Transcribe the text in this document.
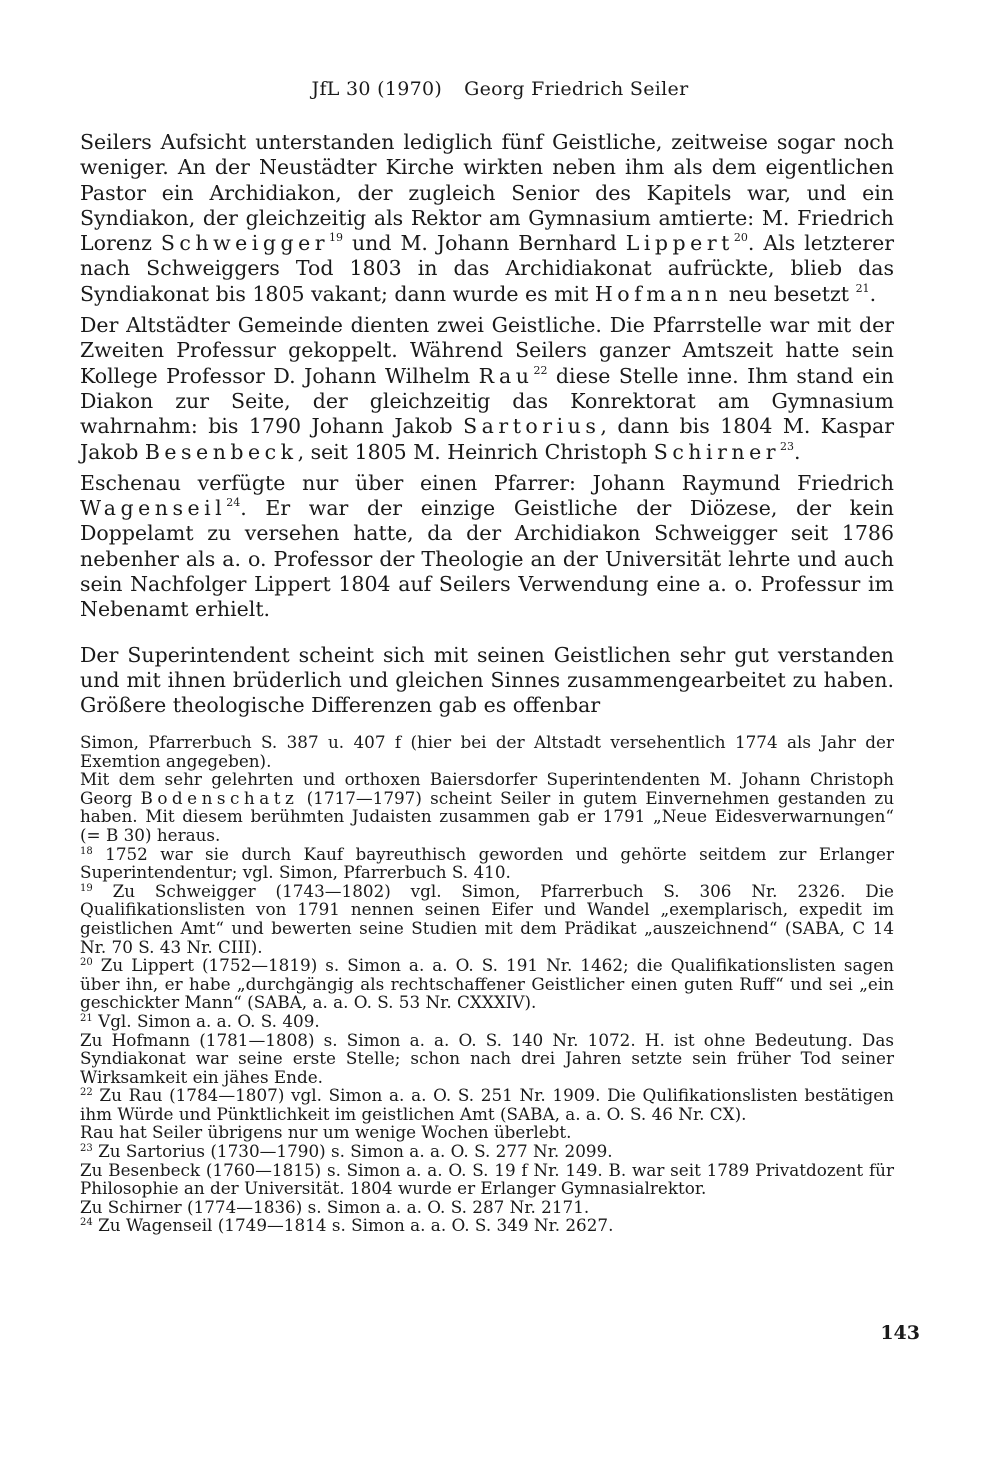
JfL 30 (1970) Georg Friedrich Seiler

Seilers Aufsicht unterstanden lediglich fünf Geistliche, zeitweise sogar noch weniger. An der Neustädter Kirche wirkten neben ihm als dem eigentlichen Pastor ein Archidiakon, der zugleich Senior des Kapitels war, und ein Syndiakon, der gleichzeitig als Rektor am Gymnasium amtierte: M. Friedrich Lorenz Schweigger$^{19}$ und M. Johann Bernhard Lippert$^{20}$. Als letzterer nach Schweiggers Tod 1803 in das Archidiakonat aufrückte, blieb das Syndiakonat bis 1805 vakant; dann wurde es mit Hofmann neu besetzt $^{21}$.

Der Altstädter Gemeinde dienten zwei Geistliche. Die Pfarrstelle war mit der Zweiten Professur gekoppelt. Während Seilers ganzer Amtszeit hatte sein Kollege Professor D. Johann Wilhelm Rau$^{22}$ diese Stelle inne. Ihm stand ein Diakon zur Seite, der gleichzeitig das Konrektorat am Gymnasium wahrnahm: bis 1790 Johann Jakob Sartorius, dann bis 1804 M. Kaspar Jakob Besenbeck, seit 1805 M. Heinrich Christoph Schirner$^{23}$.

Eschenau verfügte nur über einen Pfarrer: Johann Raymund Friedrich Wagenseil$^{24}$. Er war der einzige Geistliche der Diözese, der kein Doppelamt zu versehen hatte, da der Archidiakon Schweigger seit 1786 nebenher als a. o. Professor der Theologie an der Universität lehrte und auch sein Nachfolger Lippert 1804 auf Seilers Verwendung eine a. o. Professur im Nebenamt erhielt.

Der Superintendent scheint sich mit seinen Geistlichen sehr gut verstanden und mit ihnen brüderlich und gleichen Sinnes zusammengearbeitet zu haben. Größere theologische Differenzen gab es offenbar

Simon, Pfarrerbuch S. 387 u. 407 f (hier bei der Altstadt versehentlich 1774 als Jahr der Exemtion angegeben).

Mit dem sehr gelehrten und orthoxen Baiersdorfer Superintendenten M. Johann Christoph Georg Bodenschatz (1717—1797) scheint Seiler in gutem Einvernehmen gestanden zu haben. Mit diesem berühmten Judaisten zusammen gab er 1791 „Neue Eidesverwarnungen“ (= B 30) heraus.

$^{18}$ 1752 war sie durch Kauf bayreuthisch geworden und gehörte seitdem zur Erlanger Superintendentur; vgl. Simon, Pfarrerbuch S. 410.

$^{19}$ Zu Schweigger (1743—1802) vgl. Simon, Pfarrerbuch S. 306 Nr. 2326. Die Qualifikationslisten von 1791 nennen seinen Eifer und Wandel „exemplarisch, expedit im geistlichen Amt“ und bewerten seine Studien mit dem Prädikat „auszeichnend“ (SABA, C 14 Nr. 70 S. 43 Nr. CIII).

$^{20}$ Zu Lippert (1752—1819) s. Simon a. a. O. S. 191 Nr. 1462; die Qualifikationslisten sagen über ihn, er habe „durchgängig als rechtschaffener Geistlicher einen guten Ruff“ und sei „ein geschickter Mann“ (SABA, a. a. O. S. 53 Nr. CXXXIV).

$^{21}$ Vgl. Simon a. a. O. S. 409.

Zu Hofmann (1781—1808) s. Simon a. a. O. S. 140 Nr. 1072. H. ist ohne Bedeutung. Das Syndiakonat war seine erste Stelle; schon nach drei Jahren setzte sein früher Tod seiner Wirksamkeit ein jähes Ende.

$^{22}$ Zu Rau (1784—1807) vgl. Simon a. a. O. S. 251 Nr. 1909. Die Qulifikationslisten bestätigen ihm Würde und Pünktlichkeit im geistlichen Amt (SABA, a. a. O. S. 46 Nr. CX).

Rau hat Seiler übrigens nur um wenige Wochen überlebt.

$^{23}$ Zu Sartorius (1730—1790) s. Simon a. a. O. S. 277 Nr. 2099.

Zu Besenbeck (1760—1815) s. Simon a. a. O. S. 19 f Nr. 149. B. war seit 1789 Privatdozent für Philosophie an der Universität. 1804 wurde er Erlanger Gymnasialrektor.

Zu Schirner (1774—1836) s. Simon a. a. O. S. 287 Nr. 2171.

$^{24}$ Zu Wagenseil (1749—1814 s. Simon a. a. O. S. 349 Nr. 2627.

143
